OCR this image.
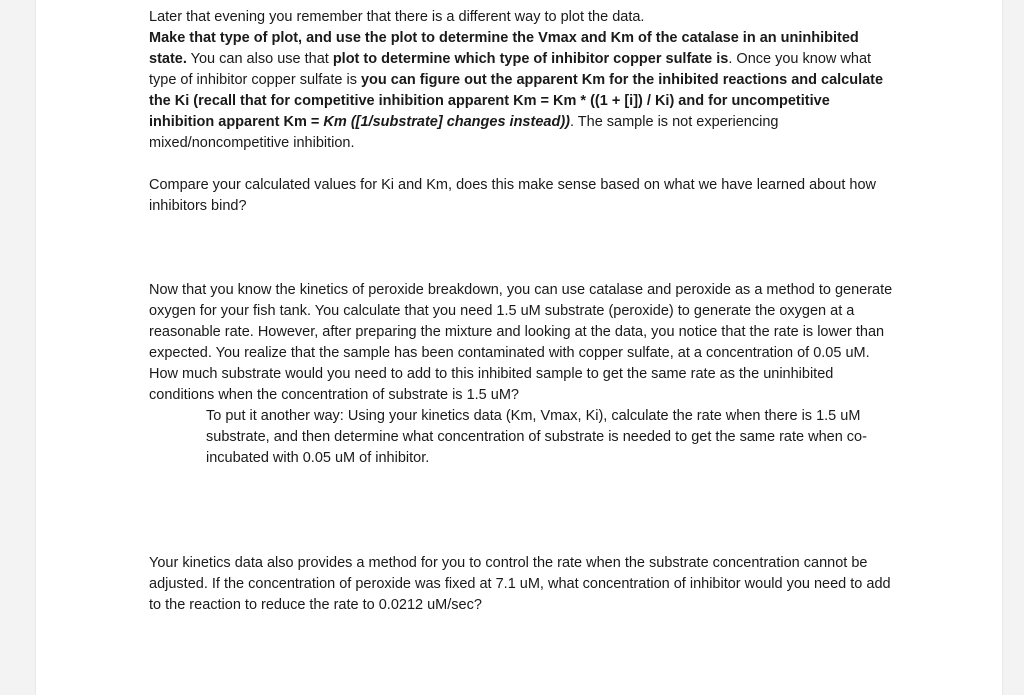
Later that evening you remember that there is a different way to plot the data.
Make that type of plot, and use the plot to determine the Vmax and Km of the catalase in an uninhibited state. You can also use that plot to determine which type of inhibitor copper sulfate is. Once you know what type of inhibitor copper sulfate is you can figure out the apparent Km for the inhibited reactions and calculate the Ki (recall that for competitive inhibition apparent Km = Km * ((1 + [i]) / Ki) and for uncompetitive inhibition apparent Km = Km ([1/substrate] changes instead)). The sample is not experiencing mixed/noncompetitive inhibition.

Compare your calculated values for Ki and Km, does this make sense based on what we have learned about how inhibitors bind?

Now that you know the kinetics of peroxide breakdown, you can use catalase and peroxide as a method to generate oxygen for your fish tank. You calculate that you need 1.5 uM substrate (peroxide) to generate the oxygen at a reasonable rate. However, after preparing the mixture and looking at the data, you notice that the rate is lower than expected. You realize that the sample has been contaminated with copper sulfate, at a concentration of 0.05 uM. How much substrate would you need to add to this inhibited sample to get the same rate as the uninhibited conditions when the concentration of substrate is 1.5 uM?

To put it another way: Using your kinetics data (Km, Vmax, Ki), calculate the rate when there is 1.5 uM substrate, and then determine what concentration of substrate is needed to get the same rate when co-incubated with 0.05 uM of inhibitor.

Your kinetics data also provides a method for you to control the rate when the substrate concentration cannot be adjusted. If the concentration of peroxide was fixed at 7.1 uM, what concentration of inhibitor would you need to add to the reaction to reduce the rate to 0.0212 uM/sec?
